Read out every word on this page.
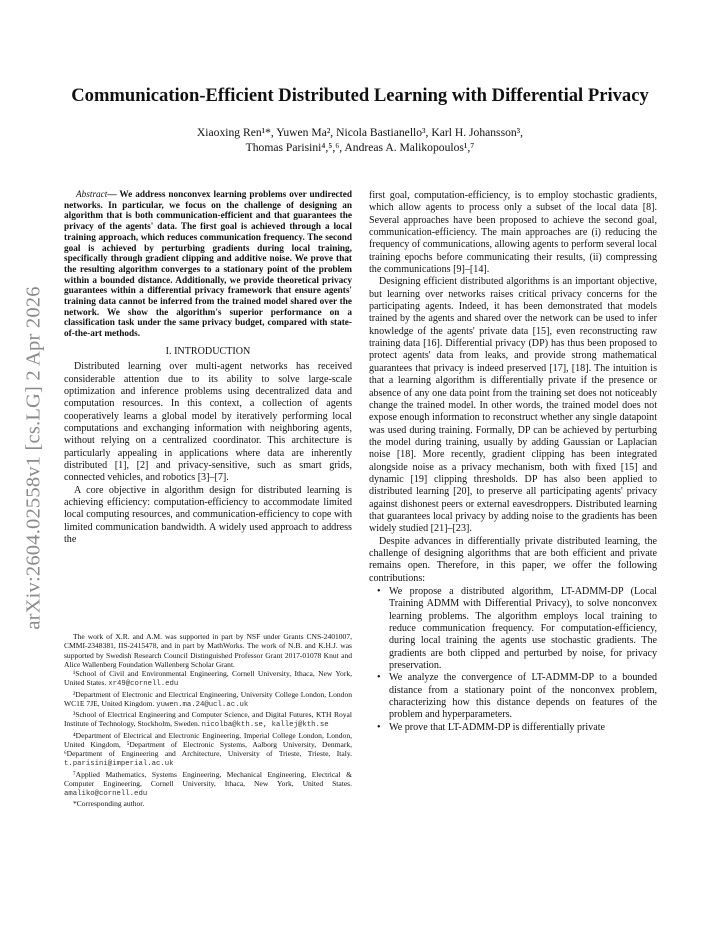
arXiv:2604.02558v1 [cs.LG] 2 Apr 2026
Communication-Efficient Distributed Learning with Differential Privacy

Xiaoxing Ren¹*, Yuwen Ma², Nicola Bastianello³, Karl H. Johansson³,

Thomas Parisini⁴,⁵,⁶, Andreas A. Malikopoulos¹,⁷

Abstract— We address nonconvex learning problems over undirected networks. In particular, we focus on the challenge of designing an algorithm that is both communication-efficient and that guarantees the privacy of the agents' data. The first goal is achieved through a local training approach, which reduces communication frequency. The second goal is achieved by perturbing gradients during local training, specifically through gradient clipping and additive noise. We prove that the resulting algorithm converges to a stationary point of the problem within a bounded distance. Additionally, we provide theoretical privacy guarantees within a differential privacy framework that ensure agents' training data cannot be inferred from the trained model shared over the network. We show the algorithm's superior performance on a classification task under the same privacy budget, compared with state-of-the-art methods.

I. INTRODUCTION

Distributed learning over multi-agent networks has received considerable attention due to its ability to solve large-scale optimization and inference problems using decentralized data and computation resources. In this context, a collection of agents cooperatively learns a global model by iteratively performing local computations and exchanging information with neighboring agents, without relying on a centralized coordinator. This architecture is particularly appealing in applications where data are inherently distributed [1], [2] and privacy-sensitive, such as smart grids, connected vehicles, and robotics [3]–[7].

A core objective in algorithm design for distributed learning is achieving efficiency: computation-efficiency to accommodate limited local computing resources, and communication-efficiency to cope with limited communication bandwidth. A widely used approach to address the

The work of X.R. and A.M. was supported in part by NSF under Grants CNS-2401007, CMMI-2348381, IIS-2415478, and in part by MathWorks. The work of N.B. and K.H.J. was supported by Swedish Research Council Distinguished Professor Grant 2017-01078 Knut and Alice Wallenberg Foundation Wallenberg Scholar Grant.

¹School of Civil and Environmental Engineering, Cornell University, Ithaca, New York, United States. xr49@cornell.edu

²Department of Electronic and Electrical Engineering, University College London, London WC1E 7JE, United Kingdom. yuwen.ma.24@ucl.ac.uk

³School of Electrical Engineering and Computer Science, and Digital Futures, KTH Royal Institute of Technology, Stockholm, Sweden. nicolba@kth.se, kallej@kth.se

⁴Department of Electrical and Electronic Engineering, Imperial College London, London, United Kingdom, ⁵Department of Electronic Systems, Aalborg University, Denmark, ⁶Department of Engineering and Architecture, University of Trieste, Trieste, Italy. t.parisini@imperial.ac.uk

⁷Applied Mathematics, Systems Engineering, Mechanical Engineering, Electrical & Computer Engineering, Cornell University, Ithaca, New York, United States. amaliko@cornell.edu

*Corresponding author.

first goal, computation-efficiency, is to employ stochastic gradients, which allow agents to process only a subset of the local data [8]. Several approaches have been proposed to achieve the second goal, communication-efficiency. The main approaches are (i) reducing the frequency of communications, allowing agents to perform several local training epochs before communicating their results, (ii) compressing the communications [9]–[14].

Designing efficient distributed algorithms is an important objective, but learning over networks raises critical privacy concerns for the participating agents. Indeed, it has been demonstrated that models trained by the agents and shared over the network can be used to infer knowledge of the agents' private data [15], even reconstructing raw training data [16]. Differential privacy (DP) has thus been proposed to protect agents' data from leaks, and provide strong mathematical guarantees that privacy is indeed preserved [17], [18]. The intuition is that a learning algorithm is differentially private if the presence or absence of any one data point from the training set does not noticeably change the trained model. In other words, the trained model does not expose enough information to reconstruct whether any single datapoint was used during training. Formally, DP can be achieved by perturbing the model during training, usually by adding Gaussian or Laplacian noise [18]. More recently, gradient clipping has been integrated alongside noise as a privacy mechanism, both with fixed [15] and dynamic [19] clipping thresholds. DP has also been applied to distributed learning [20], to preserve all participating agents' privacy against dishonest peers or external eavesdroppers. Distributed learning that guarantees local privacy by adding noise to the gradients has been widely studied [21]–[23].

Despite advances in differentially private distributed learning, the challenge of designing algorithms that are both efficient and private remains open. Therefore, in this paper, we offer the following contributions:

• We propose a distributed algorithm, LT-ADMM-DP (Local Training ADMM with Differential Privacy), to solve nonconvex learning problems. The algorithm employs local training to reduce communication frequency. For computation-efficiency, during local training the agents use stochastic gradients. The gradients are both clipped and perturbed by noise, for privacy preservation.
• We analyze the convergence of LT-ADMM-DP to a bounded distance from a stationary point of the nonconvex problem, characterizing how this distance depends on features of the problem and hyperparameters.
• We prove that LT-ADMM-DP is differentially private
